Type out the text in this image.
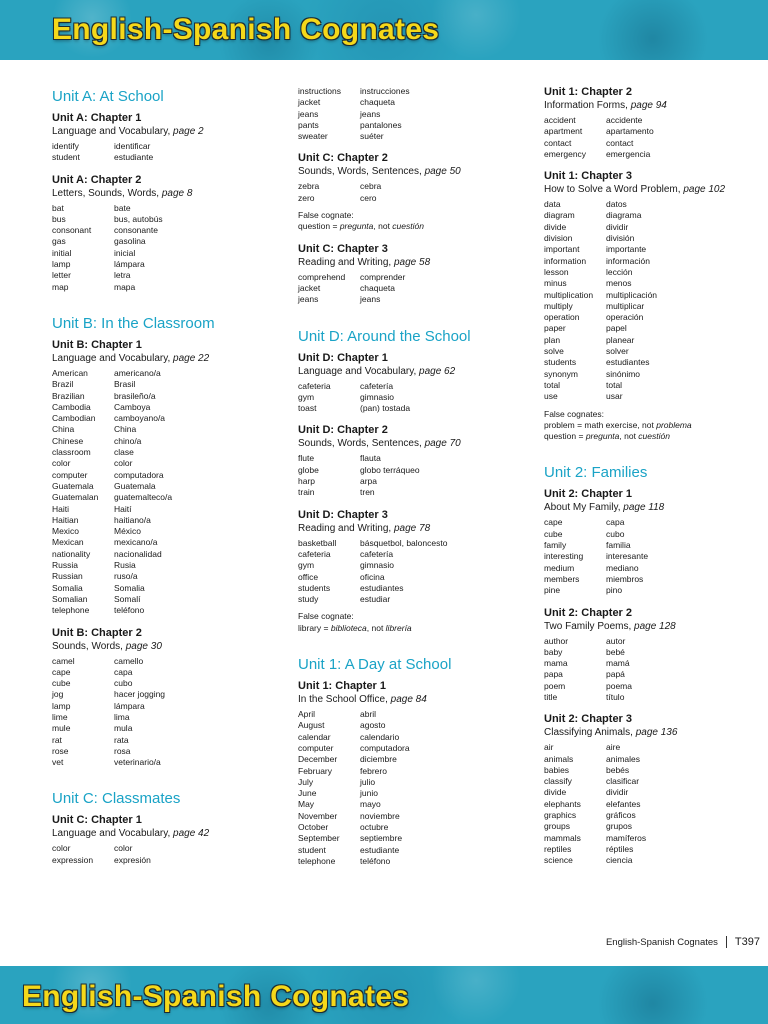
English-Spanish Cognates
Unit A: At School
Unit A: Chapter 1
Language and Vocabulary, page 2
identify	identificar
student	estudiante
Unit A: Chapter 2
Letters, Sounds, Words, page 8
bat	bate
bus	bus, autobús
consonant	consonante
gas	gasolina
initial	inicial
lamp	lámpara
letter	letra
map	mapa
Unit B: In the Classroom
Unit B: Chapter 1
Language and Vocabulary, page 22
American	americano/a
Brazil	Brasil
Brazilian	brasileño/a
Cambodia	Camboya
Cambodian	camboyano/a
China	China
Chinese	chino/a
classroom	clase
color	color
computer	computadora
Guatemala	Guatemala
Guatemalan	guatemalteco/a
Haiti	Haití
Haitian	haitiano/a
Mexico	México
Mexican	mexicano/a
nationality	nacionalidad
Russia	Rusia
Russian	ruso/a
Somalia	Somalia
Somalian	Somalí
telephone	teléfono
Unit B: Chapter 2
Sounds, Words, page 30
camel	camello
cape	capa
cube	cubo
jog	hacer jogging
lamp	lámpara
lime	lima
mule	mula
rat	rata
rose	rosa
vet	veterinario/a
Unit C: Classmates
Unit C: Chapter 1
Language and Vocabulary, page 42
color	color
expression	expresión
instructions	instrucciones
jacket	chaqueta
jeans	jeans
pants	pantalones
sweater	suéter
Unit C: Chapter 2
Sounds, Words, Sentences, page 50
zebra	cebra
zero	cero
False cognate:
question = pregunta, not cuestión
Unit C: Chapter 3
Reading and Writing, page 58
comprehend	comprender
jacket	chaqueta
jeans	jeans
Unit D: Around the School
Unit D: Chapter 1
Language and Vocabulary, page 62
cafeteria	cafetería
gym	gimnasio
toast	(pan) tostada
Unit D: Chapter 2
Sounds, Words, Sentences, page 70
flute	flauta
globe	globo terráqueo
harp	arpa
train	tren
Unit D: Chapter 3
Reading and Writing, page 78
basketball	básquetbol, baloncesto
cafeteria	cafetería
gym	gimnasio
office	oficina
students	estudiantes
study	estudiar
False cognate:
library = biblioteca, not librería
Unit 1: A Day at School
Unit 1: Chapter 1
In the School Office, page 84
April	abril
August	agosto
calendar	calendario
computer	computadora
December	diciembre
February	febrero
July	julio
June	junio
May	mayo
November	noviembre
October	octubre
September	septiembre
student	estudiante
telephone	teléfono
Unit 1: Chapter 2
Information Forms, page 94
accident	accidente
apartment	apartamento
contact	contact
emergency	emergencia
Unit 1: Chapter 3
How to Solve a Word Problem, page 102
data	datos
diagram	diagrama
divide	dividir
division	división
important	importante
information	información
lesson	lección
minus	menos
multiplication	multiplicación
multiply	multiplicar
operation	operación
paper	papel
plan	planear
solve	solver
students	estudiantes
synonym	sinónimo
total	total
use	usar
False cognates:
problem = math exercise, not problema
question = pregunta, not cuestión
Unit 2: Families
Unit 2: Chapter 1
About My Family, page 118
cape	capa
cube	cubo
family	familia
interesting	interesante
medium	mediano
members	miembros
pine	pino
Unit 2: Chapter 2
Two Family Poems, page 128
author	autor
baby	bebé
mama	mamá
papa	papá
poem	poema
title	título
Unit 2: Chapter 3
Classifying Animals, page 136
air	aire
animals	animales
babies	bebés
classify	clasificar
divide	dividir
elephants	elefantes
graphics	gráficos
groups	grupos
mammals	mamíferos
reptiles	réptiles
science	ciencia
English-Spanish Cognates T397
English-Spanish Cognates
